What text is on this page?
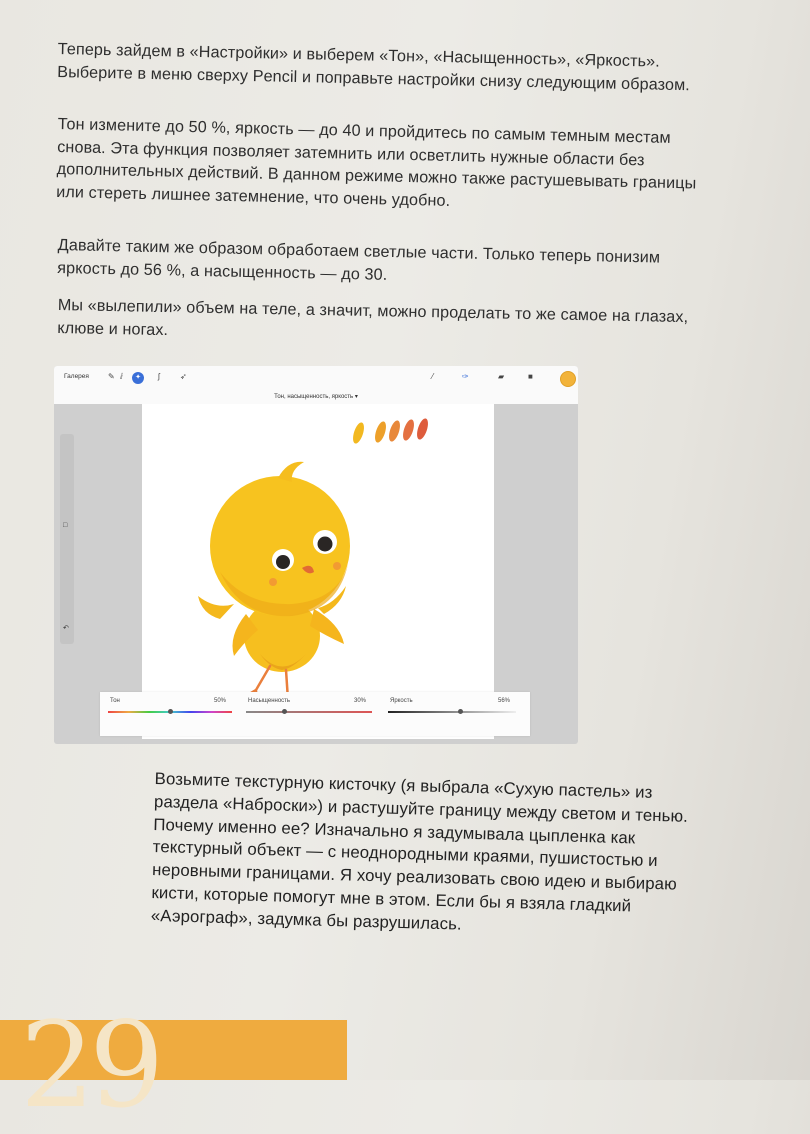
Теперь зайдем в «Настройки» и выберем «Тон», «Насыщенность», «Яркость». Выберите в меню сверху Pencil и поправьте настройки снизу следующим образом.

Тон измените до 50 %, яркость — до 40 и пройдитесь по самым темным местам снова. Эта функция позволяет затемнить или осветлить нужные области без дополнительных действий. В данном режиме можно также растушевывать границы или стереть лишнее затемнение, что очень удобно.

Давайте таким же образом обработаем светлые части. Только теперь понизим яркость до 56 %, а насыщенность — до 30.

Мы «вылепили» объем на теле, а значит, можно проделать то же самое на глазах, клюве и ногах.

Галерея ✎ ⅈ	✦	ʃ	➶	⁄	✑	▰	■
Тон, насыщенность, яркость ▾
□
↶
Тон	50%	Насыщенность	30%	Яркость	56%

Возьмите текстурную кисточку (я выбрала «Сухую пастель» из раздела «Наброски») и растушуйте границу между светом и тенью. Почему именно ее? Изначально я задумывала цыпленка как текстурный объект — с неоднородными краями, пушистостью и неровными границами. Я хочу реализовать свою идею и выбираю кисти, которые помогут мне в этом. Если бы я взяла гладкий «Аэрограф», задумка бы разрушилась.

29
